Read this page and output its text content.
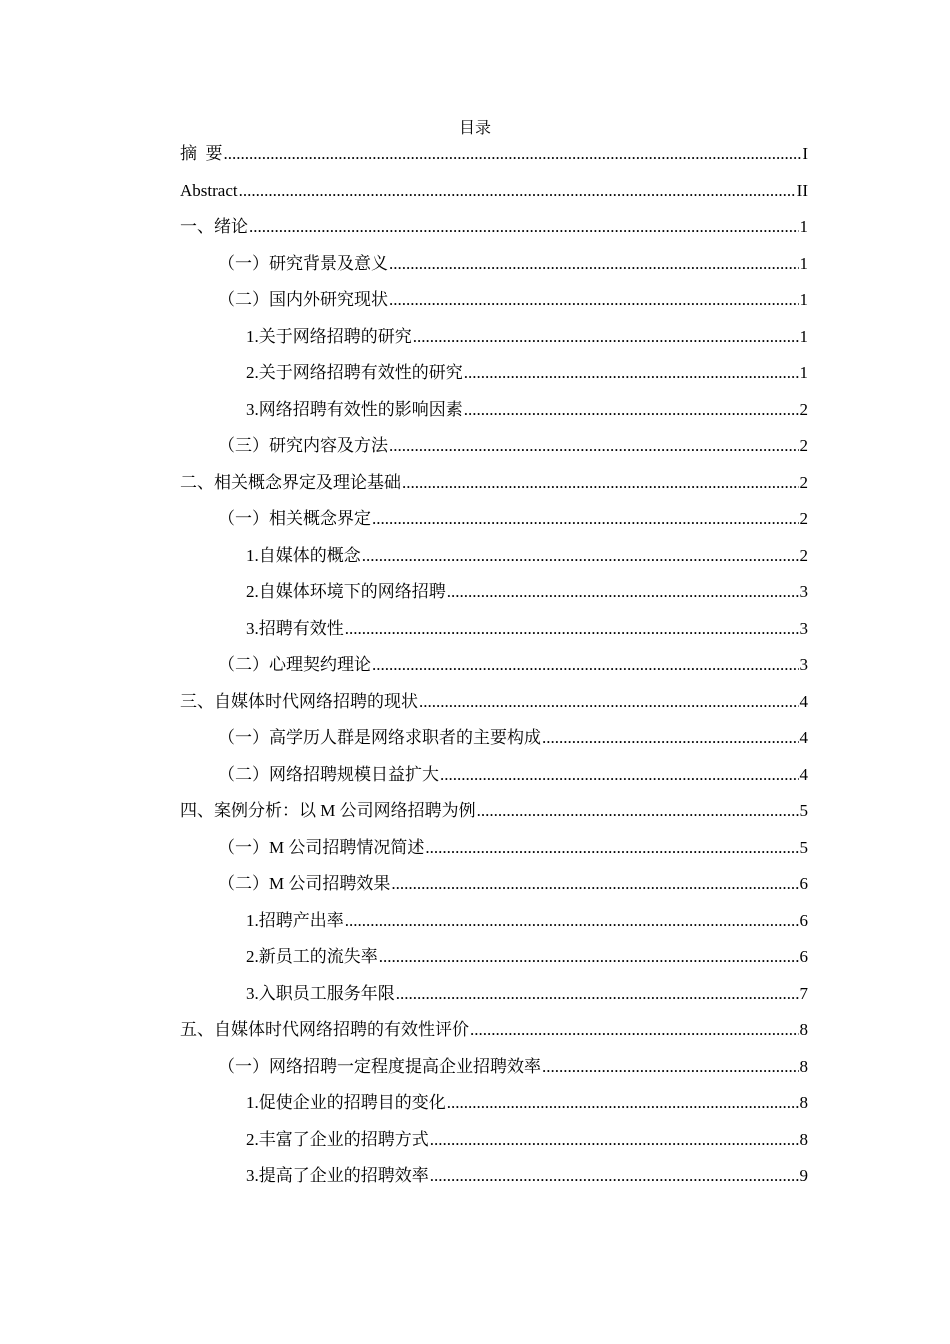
目录
摘  要 .....	I
Abstract .....	II
一、绪论 .....	1
（一）研究背景及意义 .....	1
（二）国内外研究现状 .....	1
1.关于网络招聘的研究 .....	1
2.关于网络招聘有效性的研究 .....	1
3.网络招聘有效性的影响因素 .....	2
（三）研究内容及方法 .....	2
二、相关概念界定及理论基础 .....	2
（一）相关概念界定 .....	2
1.自媒体的概念 .....	2
2.自媒体环境下的网络招聘 .....	3
3.招聘有效性 .....	3
（二）心理契约理论 .....	3
三、自媒体时代网络招聘的现状 .....	4
（一）高学历人群是网络求职者的主要构成 .....	4
（二）网络招聘规模日益扩大 .....	4
四、案例分析：以 M 公司网络招聘为例 .....	5
（一）M 公司招聘情况简述 .....	5
（二）M 公司招聘效果 .....	6
1.招聘产出率 .....	6
2.新员工的流失率 .....	6
3.入职员工服务年限 .....	7
五、自媒体时代网络招聘的有效性评价 .....	8
（一）网络招聘一定程度提高企业招聘效率 .....	8
1.促使企业的招聘目的变化 .....	8
2.丰富了企业的招聘方式 .....	8
3.提高了企业的招聘效率 .....	9
